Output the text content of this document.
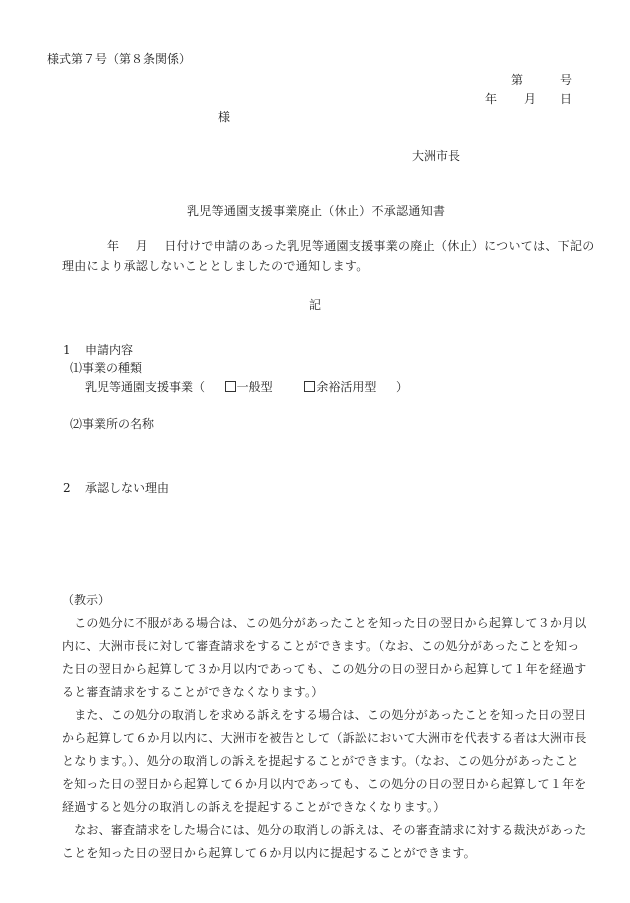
様式第７号（第８条関係）
第	号
年 月 日
様
大洲市長
乳児等通園支援事業廃止（休止）不承認通知書
年　 月　 日付けで申請のあった乳児等通園支援事業の廃止（休止）については、下記の
理由により承認しないこととしましたので通知します。
記
1 申請内容
⑴事業の種類
乳児等通園支援事業（	一般型	余裕活用型 ）
⑵事業所の名称
2 承認しない理由
（教示）
　この処分に不服がある場合は、この処分があったことを知った日の翌日から起算して３か月以
内に、大洲市長に対して審査請求をすることができます。（なお、この処分があったことを知っ
た日の翌日から起算して３か月以内であっても、この処分の日の翌日から起算して１年を経過す
ると審査請求をすることができなくなります。）
　また、この処分の取消しを求める訴えをする場合は、この処分があったことを知った日の翌日
から起算して６か月以内に、大洲市を被告として（訴訟において大洲市を代表する者は大洲市長
となります。）、処分の取消しの訴えを提起することができます。（なお、この処分があったこと
を知った日の翌日から起算して６か月以内であっても、この処分の日の翌日から起算して１年を
経過すると処分の取消しの訴えを提起することができなくなります。）
　なお、審査請求をした場合には、処分の取消しの訴えは、その審査請求に対する裁決があった
ことを知った日の翌日から起算して６か月以内に提起することができます。
